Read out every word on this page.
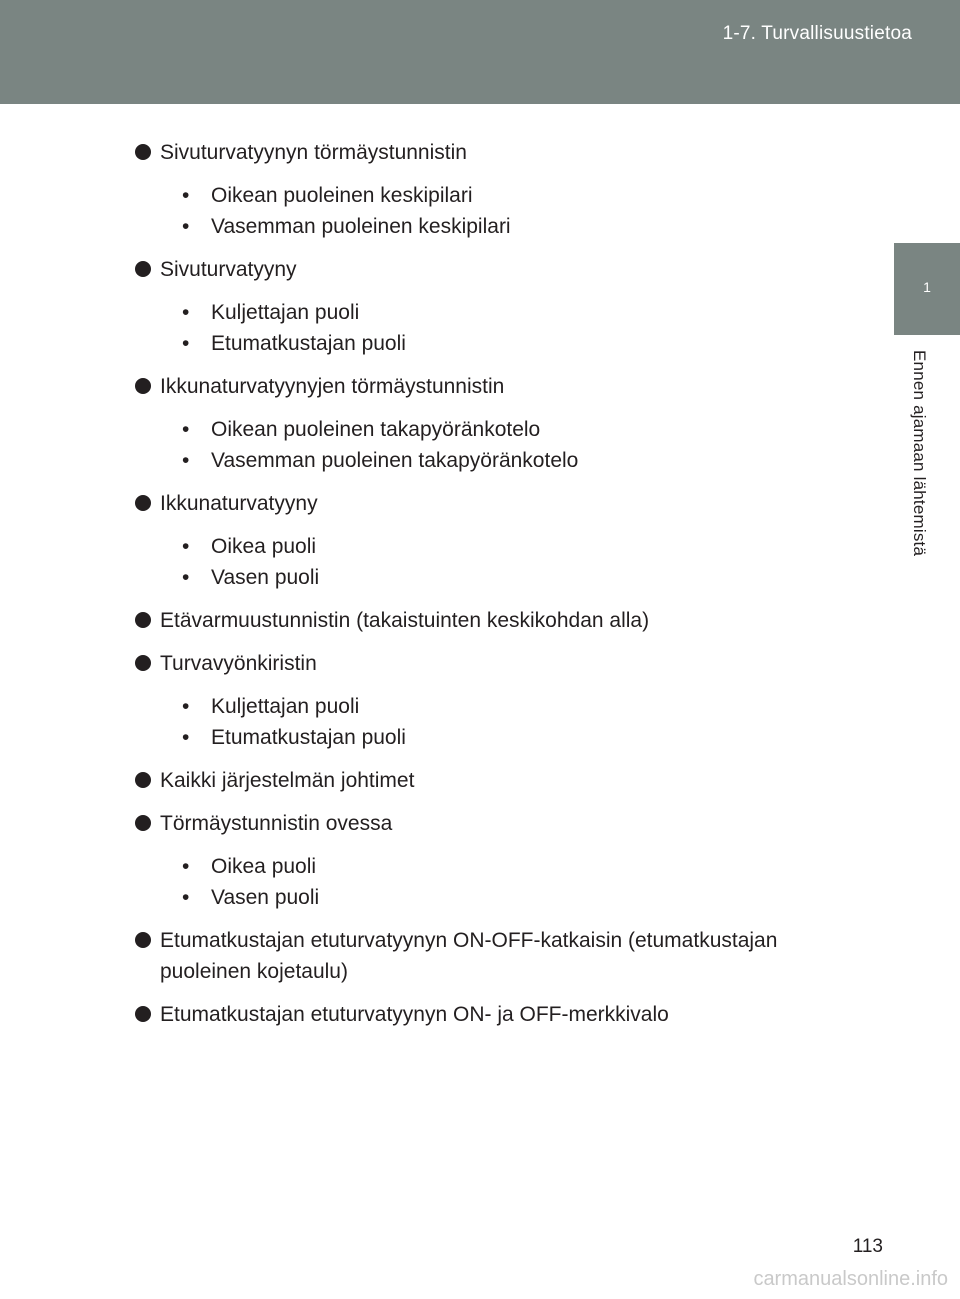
1-7. Turvallisuustietoa
1
Ennen ajamaan lähtemistä
Sivuturvatyynyn törmäystunnistin
• Oikean puoleinen keskipilari
• Vasemman puoleinen keskipilari
Sivuturvatyyny
• Kuljettajan puoli
• Etumatkustajan puoli
Ikkunaturvatyynyjen törmäystunnistin
• Oikean puoleinen takapyöränkotelo
• Vasemman puoleinen takapyöränkotelo
Ikkunaturvatyyny
• Oikea puoli
• Vasen puoli
Etävarmuustunnistin (takaistuinten keskikohdan alla)
Turvavyönkiristin
• Kuljettajan puoli
• Etumatkustajan puoli
Kaikki järjestelmän johtimet
Törmäystunnistin ovessa
• Oikea puoli
• Vasen puoli
Etumatkustajan etuturvatyynyn ON-OFF-katkaisin (etumatkustajan puoleinen kojetaulu)
Etumatkustajan etuturvatyynyn ON- ja OFF-merkkivalo
113
carmanualsonline.info
